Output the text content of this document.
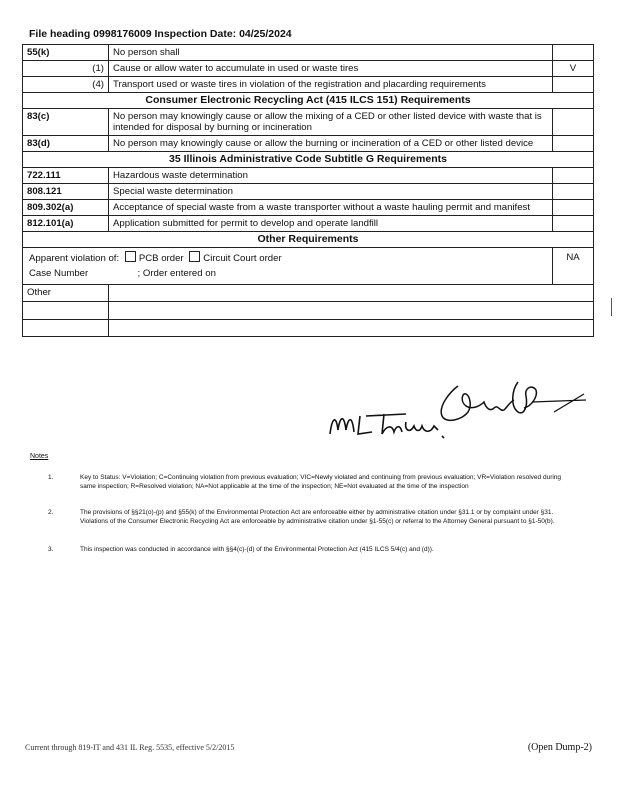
File heading 0998176009 Inspection Date: 04/25/2024
55(k)	No person shall	
(1)	Cause or allow water to accumulate in used or waste tires	V
(4)	Transport used or waste tires in violation of the registration and placarding requirements	
Consumer Electronic Recycling Act (415 ILCS 151) Requirements		
83(c)	No person may knowingly cause or allow the mixing of a CED or other listed device with waste that is intended for disposal by burning or incineration	
83(d)	No person may knowingly cause or allow the burning or incineration of a CED or other listed device	
35 Illinois Administrative Code Subtitle G Requirements		
722.111	Hazardous waste determination	
808.121	Special waste determination	
809.302(a)	Acceptance of special waste from a waste transporter without a waste hauling permit and manifest	
812.101(a)	Application submitted for permit to develop and operate landfill	
Other Requirements		

Apparent violation of: PCB order Circuit Court order
Case Number ; Order entered on		NA
Other		

Notes
1.	Key to Status: V=Violation; C=Continuing violation from previous evaluation; VIC=Newly violated and continuing from previous evaluation; VR=Violation resolved during same inspection; R=Resolved violation; NA=Not applicable at the time of the inspection; NE=Not evaluated at the time of the inspection
2.	The provisions of §§21(o)-(p) and §55(k) of the Environmental Protection Act are enforceable either by administrative citation under §31.1 or by complaint under §31. Violations of the Consumer Electronic Recycling Act are enforceable by administrative citation under §1-55(c) or referral to the Attorney General pursuant to §1-50(b).
3.	This inspection was conducted in accordance with §§4(c)-(d) of the Environmental Protection Act (415 ILCS 5/4(c) and (d)).
Current through 819-IT and 431 IL Reg. 5535, effective 5/2/2015	(Open Dump-2)
